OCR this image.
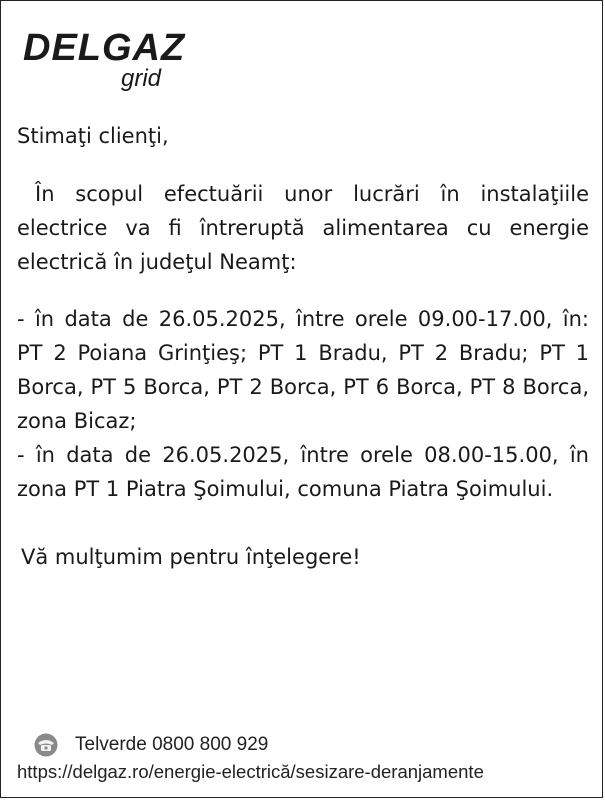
DELGAZ
grid

Stimaţi clienţi,

În scopul efectuării unor lucrări în instalaţiile electrice va fi întreruptă alimentarea cu energie electrică în judeţul Neamţ:

- în data de 26.05.2025, între orele 09.00-17.00, în: PT 2 Poiana Grinţieş; PT 1 Bradu, PT 2 Bradu; PT 1 Borca, PT 5 Borca, PT 2 Borca, PT 6 Borca, PT 8 Borca, zona Bicaz;

- în data de 26.05.2025, între orele 08.00-15.00, în zona PT 1 Piatra Şoimului, comuna Piatra Şoimului.

Vă mulţumim pentru înţelegere!

Telverde 0800 800 929
https://delgaz.ro/energie-electrică/sesizare-deranjamente
